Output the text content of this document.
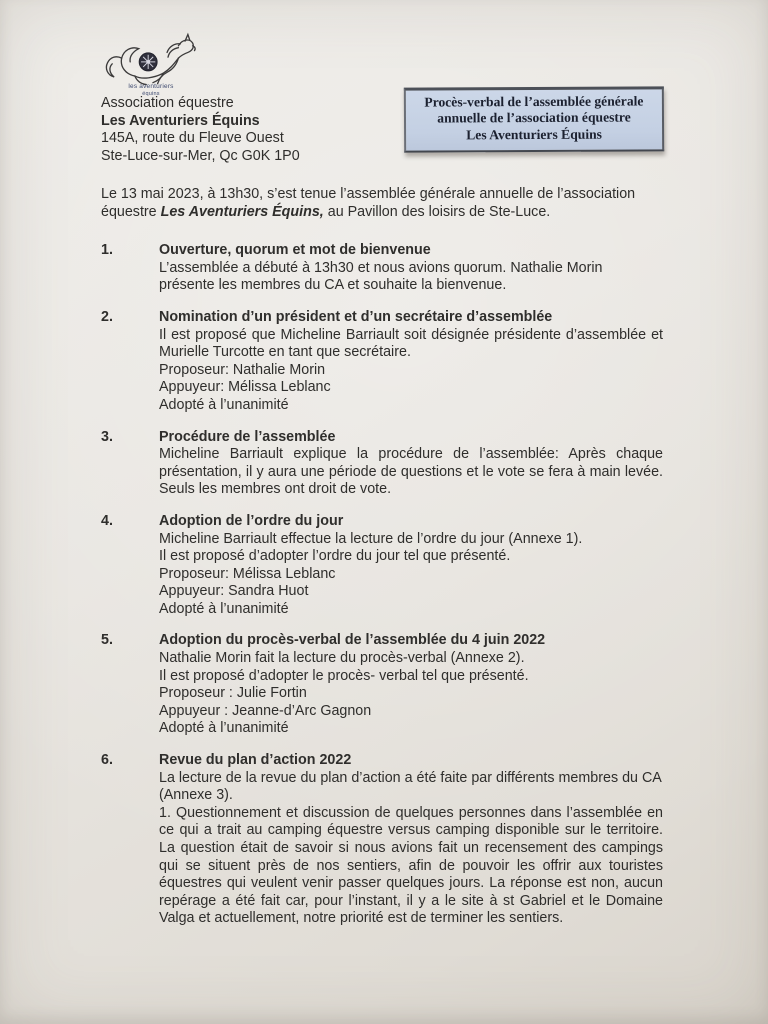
les aventuriers
équins
Association équestre
Les Aventuriers Équins
145A, route du Fleuve Ouest
Ste-Luce-sur-Mer, Qc G0K 1P0
Procès-verbal de l’assemblée générale
annuelle de l’association équestre
Les Aventuriers Équins

Le 13 mai 2023, à 13h30, s’est tenue l’assemblée générale annuelle de l’association équestre Les Aventuriers Équins, au Pavillon des loisirs de Ste-Luce.

1.	Ouverture, quorum et mot de bienvenue

L’assemblée a débuté à 13h30 et nous avions quorum. Nathalie Morin présente les membres du CA et souhaite la bienvenue.

2.	Nomination d’un président et d’un secrétaire d’assemblée

Il est proposé que Micheline Barriault soit désignée présidente d’assemblée et Murielle Turcotte en tant que secrétaire.

Proposeur: Nathalie Morin

Appuyeur: Mélissa Leblanc

Adopté à l’unanimité

3.	Procédure de l’assemblée

Micheline Barriault explique la procédure de l’assemblée: Après chaque présentation, il y aura une période de questions et le vote se fera à main levée. Seuls les membres ont droit de vote.

4.	Adoption de l’ordre du jour

Micheline Barriault effectue la lecture de l’ordre du jour (Annexe 1).

Il est proposé d’adopter l’ordre du jour tel que présenté.

Proposeur: Mélissa Leblanc

Appuyeur: Sandra Huot

Adopté à l’unanimité

5.	Adoption du procès-verbal de l’assemblée du 4 juin 2022

Nathalie Morin fait la lecture du procès-verbal (Annexe 2).

Il est proposé d’adopter le procès- verbal tel que présenté.

Proposeur : Julie Fortin

Appuyeur : Jeanne-d’Arc Gagnon

Adopté à l’unanimité

6.	Revue du plan d’action 2022

La lecture de la revue du plan d’action a été faite par différents membres du CA (Annexe 3).

1. Questionnement et discussion de quelques personnes dans l’assemblée en ce qui a trait au camping équestre versus camping disponible sur le territoire. La question était de savoir si nous avions fait un recensement des campings qui se situent près de nos sentiers, afin de pouvoir les offrir aux touristes équestres qui veulent venir passer quelques jours. La réponse est non, aucun repérage a été fait car, pour l’instant, il y a le site à st Gabriel et le Domaine Valga et actuellement, notre priorité est de terminer les sentiers.
